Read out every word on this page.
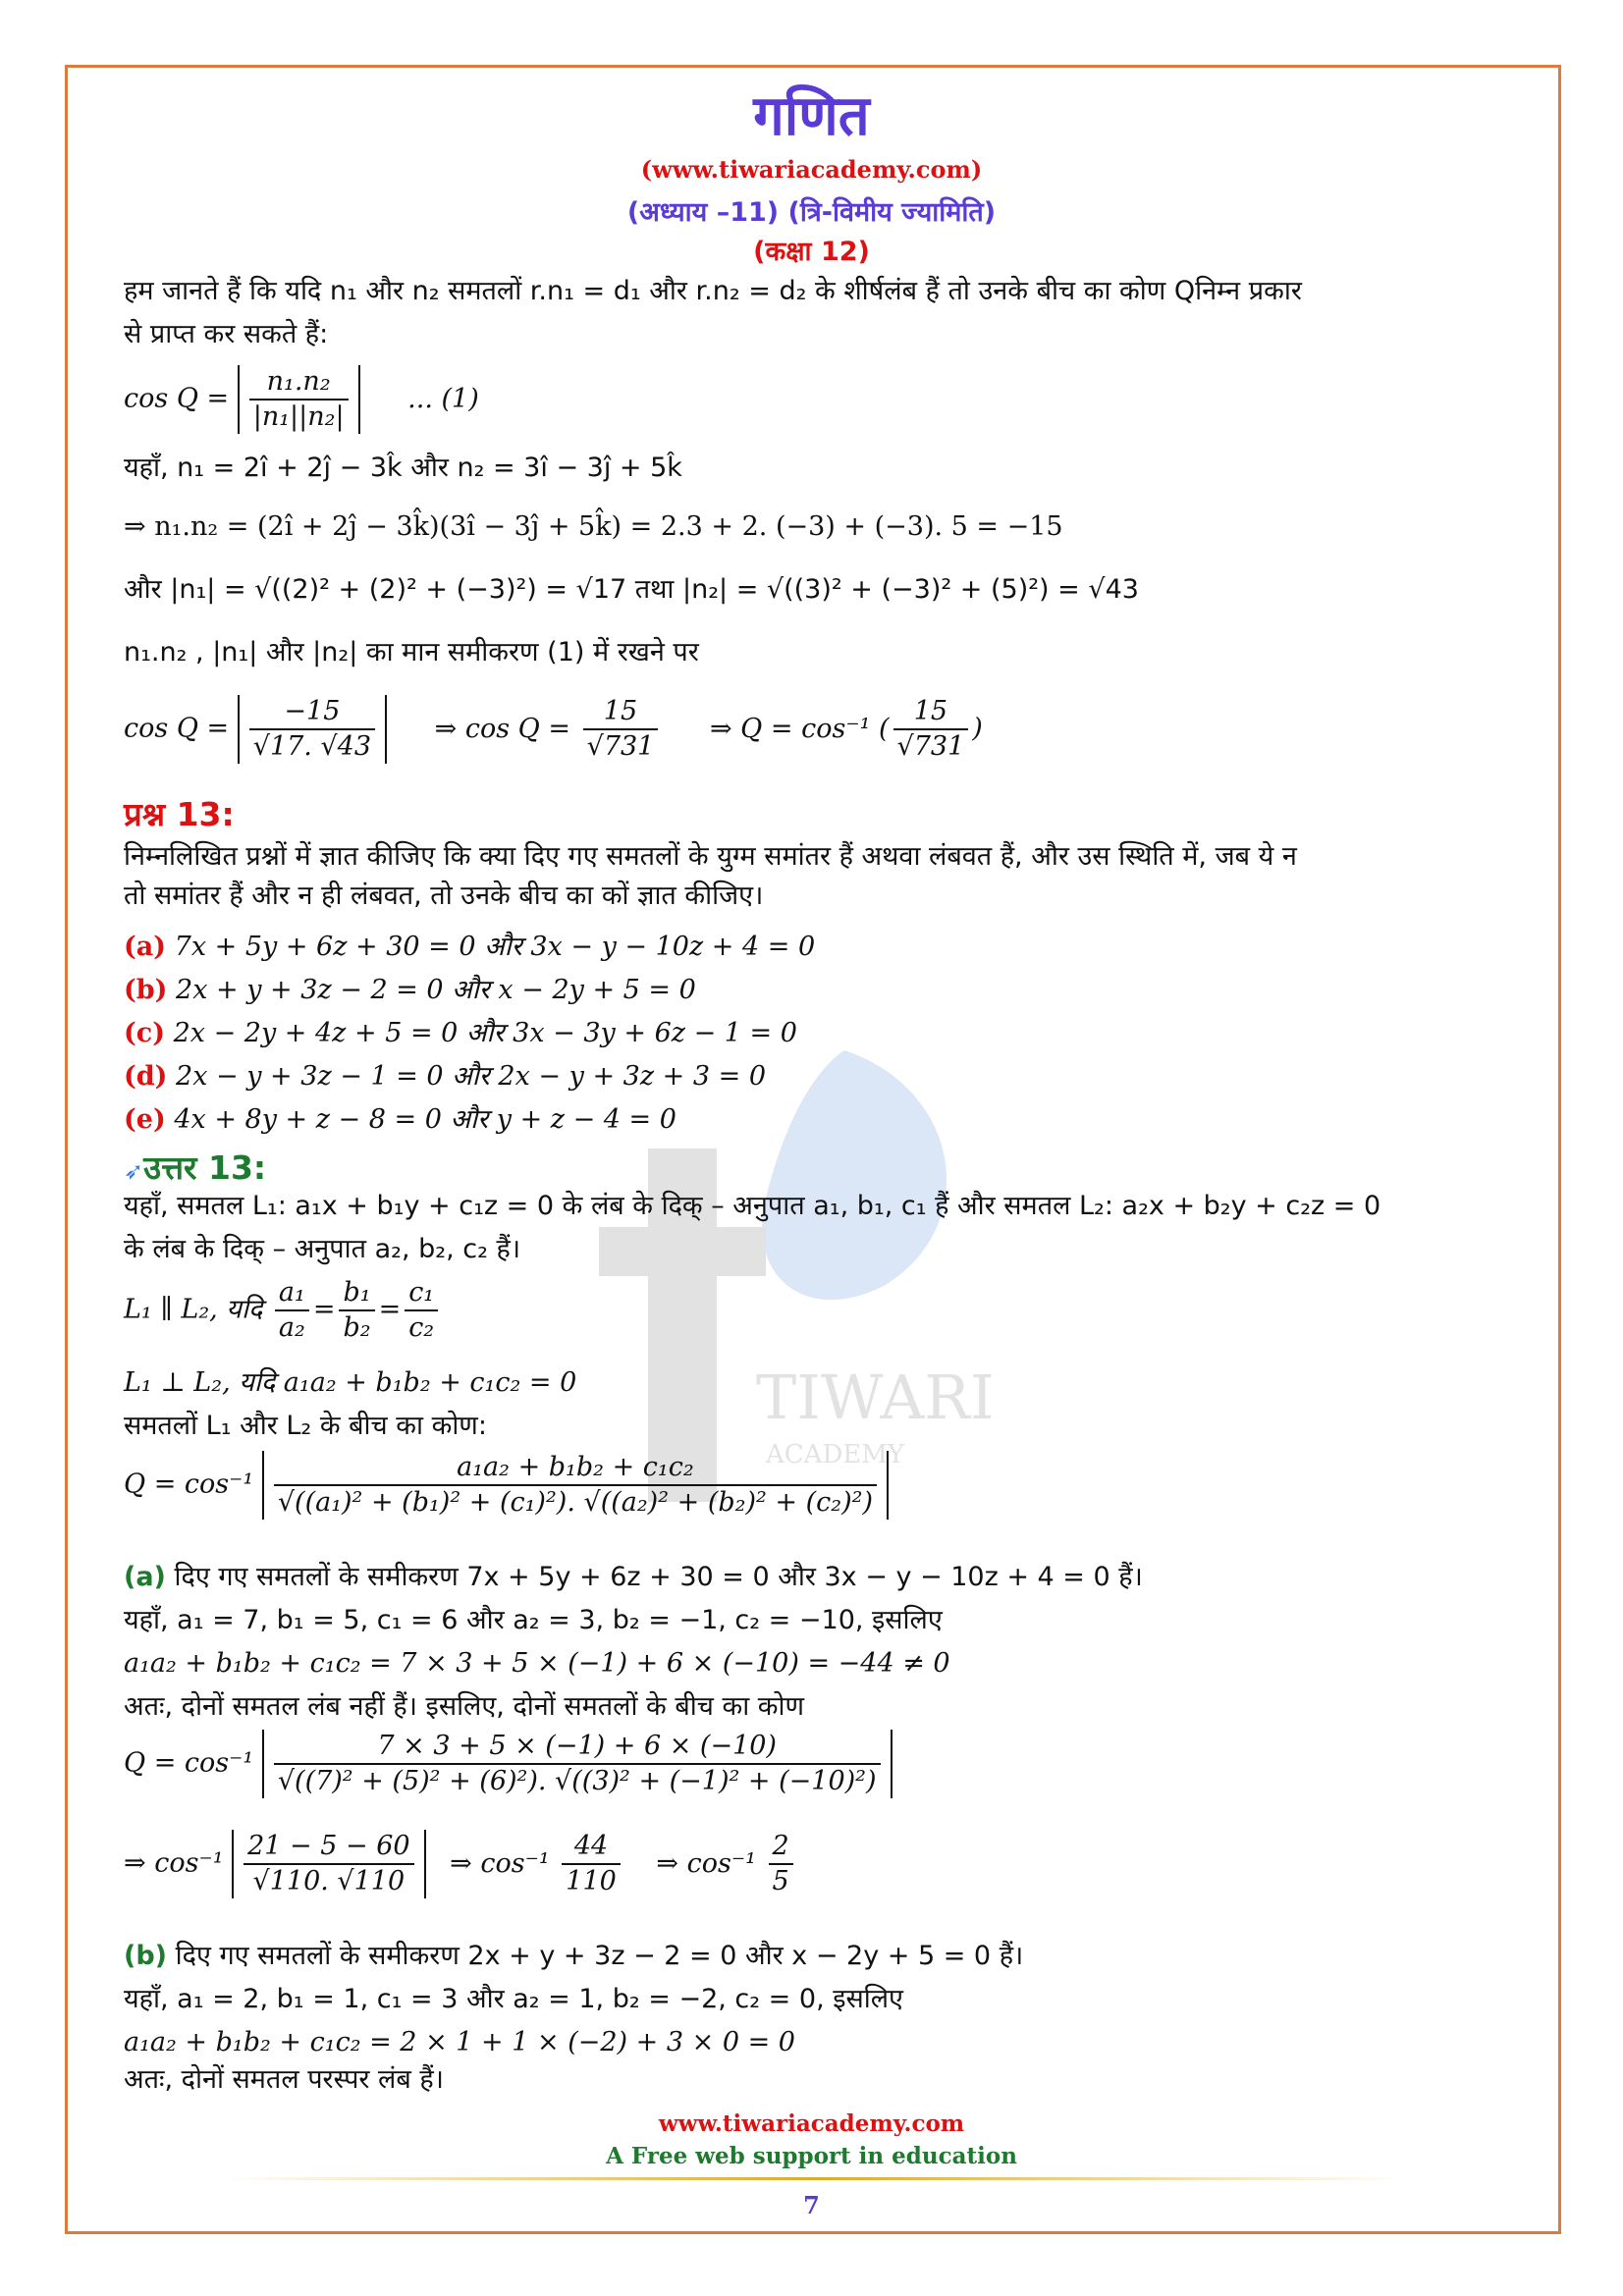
TIWARI
ACADEMY
गणित
(www.tiwariacademy.com)
(अध्याय –11) (त्रि-विमीय ज्यामिति)
(कक्षा 12)
हम जानते हैं कि यदि n₁ और n₂ समतलों r.n₁ = d₁ और r.n₂ = d₂ के शीर्षलंब हैं तो उनके बीच का कोण Qनिम्न प्रकार
से प्राप्त कर सकते हैं:
$\cos Q = \frac{\text{n₁.n₂}}{\text{|n₁||n₂|}}$ ... (1)
यहाँ, n₁ = 2î + 2ĵ − 3k̂ और n₂ = 3î − 3ĵ + 5k̂
⇒ n₁.n₂ = (2î + 2ĵ − 3k̂)(3î − 3ĵ + 5k̂) = 2.3 + 2. (−3) + (−3). 5 = −15
और |n₁| = √((2)² + (2)² + (−3)²) = √17 तथा |n₂| = √((3)² + (−3)² + (5)²) = √43
n₁.n₂ , |n₁| और |n₂| का मान समीकरण (1) में रखने पर
$\cos Q = \frac{-15}{√17. √43}$ ⇒ $\cos Q = \frac{15}{√731}$ ⇒ Q = cos⁻¹ ( $\frac{15}{√731}$ )
प्रश्न 13:
निम्नलिखित प्रश्नों में ज्ञात कीजिए कि क्या दिए गए समतलों के युग्म समांतर हैं अथवा लंबवत हैं, और उस स्थिति में, जब ये न
तो समांतर हैं और न ही लंबवत, तो उनके बीच का कों ज्ञात कीजिए।
(a) 7x + 5y + 6z + 30 = 0 और 3x − y − 10z + 4 = 0
(b) 2x + y + 3z − 2 = 0 और x − 2y + 5 = 0
(c) 2x − 2y + 4z + 5 = 0 और 3x − 3y + 6z − 1 = 0
(d) 2x − y + 3z − 1 = 0 और 2x − y + 3z + 3 = 0
(e) 4x + 8y + z − 8 = 0 और y + z − 4 = 0
➶उत्तर 13:
यहाँ, समतल L₁: a₁x + b₁y + c₁z = 0 के लंब के दिक् – अनुपात a₁, b₁, c₁ हैं और समतल L₂: a₂x + b₂y + c₂z = 0
के लंब के दिक् – अनुपात a₂, b₂, c₂ हैं।
L₁ ∥ L₂, यदि $\frac{\text{a₁}}{\text{a₂}} = \frac{\text{b₁}}{\text{b₂}} = \frac{\text{c₁}}{\text{c₂}}$
L₁ ⊥ L₂, यदि a₁a₂ + b₁b₂ + c₁c₂ = 0
समतलों L₁ और L₂ के बीच का कोण:
$Q = \cos^{-1} \frac{\text{a₁a₂ + b₁b₂ + c₁c₂}}{\text{√((a₁)² + (b₁)² + (c₁)²). √((a₂)² + (b₂)² + (c₂)²)}}$
(a) दिए गए समतलों के समीकरण 7x + 5y + 6z + 30 = 0 और 3x − y − 10z + 4 = 0 हैं।
यहाँ, a₁ = 7, b₁ = 5, c₁ = 6 और a₂ = 3, b₂ = −1, c₂ = −10, इसलिए
a₁a₂ + b₁b₂ + c₁c₂ = 7 × 3 + 5 × (−1) + 6 × (−10) = −44 ≠ 0
अतः, दोनों समतल लंब नहीं हैं। इसलिए, दोनों समतलों के बीच का कोण
$Q = \cos^{-1} \frac{7 \times 3 + 5 \times (-1) + 6 \times (-10)}{\text{√((7)² + (5)² + (6)²). √((3)² + (−1)² + (−10)²)}}$
⇒ $\cos^{-1} \frac{21 - 5 - 60}{√110. √110}$ ⇒ $\cos^{-1} \frac{44}{110}$ ⇒ $\cos^{-1} \frac{2}{5}$
(b) दिए गए समतलों के समीकरण 2x + y + 3z − 2 = 0 और x − 2y + 5 = 0 हैं।
यहाँ, a₁ = 2, b₁ = 1, c₁ = 3 और a₂ = 1, b₂ = −2, c₂ = 0, इसलिए
a₁a₂ + b₁b₂ + c₁c₂ = 2 × 1 + 1 × (−2) + 3 × 0 = 0
अतः, दोनों समतल परस्पर लंब हैं।
www.tiwariacademy.com
A Free web support in education
7
